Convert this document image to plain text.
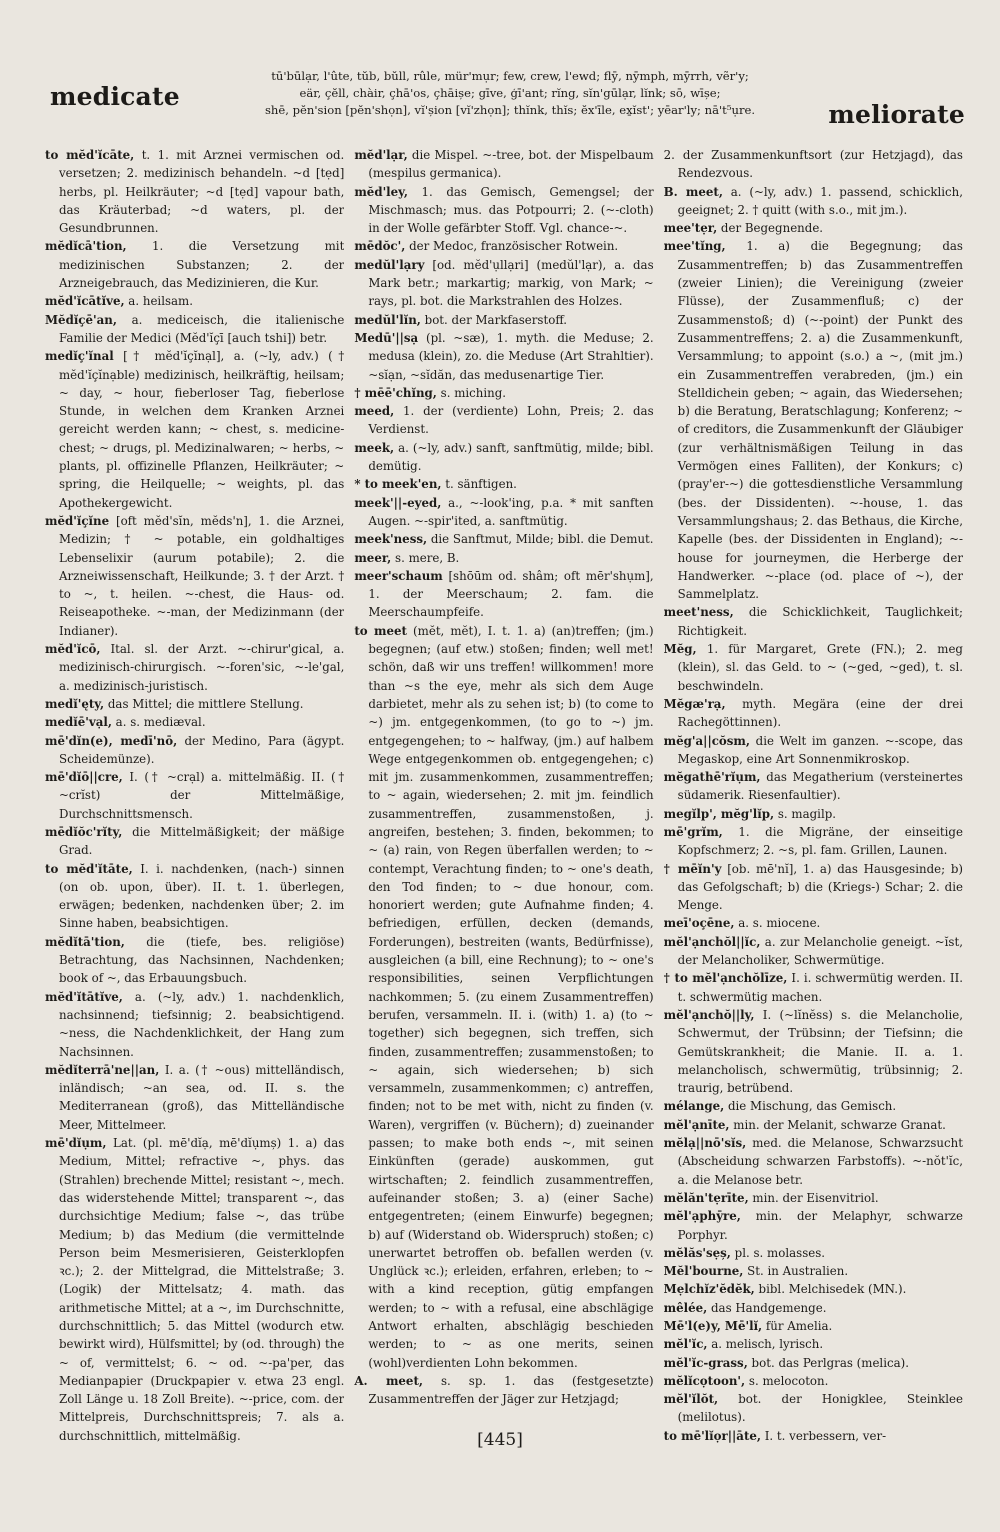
medicate
tū'būlạr, l'ûte, tŭb, bŭll, rûle, mür'mụr; few, crew, l'ewd; flȳ, nȳmph, mȳrrh, vẽr'y;
eär, çĕll, chàir, çhā'os, çhāișe; gīve, ģī'ant; rĭng, sĭn'gūlạr, lĭnk; sō, wīșe;
shē, pĕn'sion [pĕn'shọn], vĭ'șion [vĭ'zhọn]; thĭnk, thĭs; ĕx'īle, ex̱ĭst'; yēar'ly; nā't⁵ụre.	meliorate

to mĕd'ĭcāte, t. 1. mit Arznei vermischen od. versetzen; 2. medizinisch behandeln. ~d [tẹd] herbs, pl. Heilkräuter; ~d [tẹd] vapour bath, das Kräuterbad; ~d waters, pl. der Gesundbrunnen.

mĕdĭcā'tion, 1. die Versetzung mit medizinischen Substanzen; 2. der Arzneigebrauch, das Medizinieren, die Kur.

mĕd'ĭcātĭve, a. heilsam.

Mĕdĭçē'an, a. mediceisch, die italienische Familie der Medici (Mĕd'ĭçī [auch tshi]) betr.

medĭç'ĭnal [† mĕd'ĭçĭnạl], a. (~ly, adv.) († mĕd'ĭçĭnạble) medizinisch, heilkräftig, heilsam; ~ day, ~ hour, fieberloser Tag, fieberlose Stunde, in welchen dem Kranken Arznei gereicht werden kann; ~ chest, s. medicine-chest; ~ drugs, pl. Medizinalwaren; ~ herbs, ~ plants, pl. offizinelle Pflanzen, Heilkräuter; ~ spring, die Heilquelle; ~ weights, pl. das Apothekergewicht.

mĕd'ĭçĭne [oft mĕd'sĭn, mĕds'n], 1. die Arznei, Medizin; † ~ potable, ein goldhaltiges Lebenselixir (aurum potabile); 2. die Arzneiwissenschaft, Heilkunde; 3. † der Arzt. † to ~, t. heilen. ~-chest, die Haus- od. Reiseapotheke. ~-man, der Medizinmann (der Indianer).

mĕd'ĭcō, Ital. sl. der Arzt. ~-chirur'gical, a. medizinisch-chirurgisch. ~-foren'sic, ~-le'gal, a. medizinisch-juristisch.

medĭ'ęty, das Mittel; die mittlere Stellung.

medĭē'vạl, a. s. mediæval.

mē'dĭn(e), medī'nō, der Medino, Para (ägypt. Scheidemünze).

mē'dĭō||cre, I. († ~crạl) a. mittelmäßig. II. († ~crĭst) der Mittelmäßige, Durchschnittsmensch.

mēdĭŏc'rĭty, die Mittelmäßigkeit; der mäßige Grad.

to mĕd'ĭtāte, I. i. nachdenken, (nach-) sinnen (on ob. upon, über). II. t. 1. überlegen, erwägen; bedenken, nachdenken über; 2. im Sinne haben, beabsichtigen.

mĕdĭtā'tion, die (tiefe, bes. religiöse) Betrachtung, das Nachsinnen, Nachdenken; book of ~, das Erbauungsbuch.

mĕd'ĭtātĭve, a. (~ly, adv.) 1. nachdenklich, nachsinnend; tiefsinnig; 2. beabsichtigend. ~ness, die Nachdenklichkeit, der Hang zum Nachsinnen.

mĕdĭterrā'ne||an, I. a. († ~ous) mittelländisch, inländisch; ~an sea, od. II. s. the Mediterranean (groß), das Mittelländische Meer, Mittelmeer.

mē'dĭụm, Lat. (pl. mē'dĭạ, mē'dĭụmș) 1. a) das Medium, Mittel; refractive ~, phys. das (Strahlen) brechende Mittel; resistant ~, mech. das widerstehende Mittel; transparent ~, das durchsichtige Medium; false ~, das trübe Medium; b) das Medium (die vermittelnde Person beim Mesmerisieren, Geisterklopfen ꝛc.); 2. der Mittelgrad, die Mittelstraße; 3. (Logik) der Mittelsatz; 4. math. das arithmetische Mittel; at a ~, im Durchschnitte, durchschnittlich; 5. das Mittel (wodurch etw. bewirkt wird), Hülfsmittel; by (od. through) the ~ of, vermittelst; 6. ~ od. ~-pa'per, das Medianpapier (Druckpapier v. etwa 23 engl. Zoll Länge u. 18 Zoll Breite). ~-price, com. der Mittelpreis, Durchschnittspreis; 7. als a. durchschnittlich, mittelmäßig.

mĕd'lạr, die Mispel. ~-tree, bot. der Mispelbaum (mespilus germanica).

mĕd'ley, 1. das Gemisch, Gemengsel; der Mischmasch; mus. das Potpourri; 2. (~-cloth) in der Wolle gefärbter Stoff. Vgl. chance-~.

mēdŏc', der Medoc, französischer Rotwein.

medŭl'lạry [od. mĕd'ụllạri] (medŭl'lạr), a. das Mark betr.; markartig; markig, von Mark; ~ rays, pl. bot. die Markstrahlen des Holzes.

medŭl'lĭn, bot. der Markfaserstoff.

Medū'||sạ (pl. ~sæ), 1. myth. die Meduse; 2. medusa (klein), zo. die Meduse (Art Strahltier). ~sĭạn, ~sĭdăn, das medusenartige Tier.

† mēē'chĭng, s. miching.

meed, 1. der (verdiente) Lohn, Preis; 2. das Verdienst.

meek, a. (~ly, adv.) sanft, sanftmütig, milde; bibl. demütig.

* to meek'en, t. sänftigen.

meek'||-eyed, a., ~-look'ing, p.a. * mit sanften Augen. ~-spir'ited, a. sanftmütig.

meek'ness, die Sanftmut, Milde; bibl. die Demut.

meer, s. mere, B.

meer'schaum [shōūm od. shâm; oft mēr'shụm], 1. der Meerschaum; 2. fam. die Meerschaumpfeife.

to meet (mĕt, mĕt), I. t. 1. a) (an)treffen; (jm.) begegnen; (auf etw.) stoßen; finden; well met! schön, daß wir uns treffen! willkommen! more than ~s the eye, mehr als sich dem Auge darbietet, mehr als zu sehen ist; b) (to come to ~) jm. entgegenkommen, (to go to ~) jm. entgegengehen; to ~ halfway, (jm.) auf halbem Wege entgegenkommen ob. entgegengehen; c) mit jm. zusammenkommen, zusammentreffen; to ~ again, wiedersehen; 2. mit jm. feindlich zusammentreffen, zusammenstoßen, j. angreifen, bestehen; 3. finden, bekommen; to ~ (a) rain, von Regen überfallen werden; to ~ contempt, Verachtung finden; to ~ one's death, den Tod finden; to ~ due honour, com. honoriert werden; gute Aufnahme finden; 4. befriedigen, erfüllen, decken (demands, Forderungen), bestreiten (wants, Bedürfnisse), ausgleichen (a bill, eine Rechnung); to ~ one's responsibilities, seinen Verpflichtungen nachkommen; 5. (zu einem Zusammentreffen) berufen, versammeln. II. i. (with) 1. a) (to ~ together) sich begegnen, sich treffen, sich finden, zusammentreffen; zusammenstoßen; to ~ again, sich wiedersehen; b) sich versammeln, zusammenkommen; c) antreffen, finden; not to be met with, nicht zu finden (v. Waren), vergriffen (v. Büchern); d) zueinander passen; to make both ends ~, mit seinen Einkünften (gerade) auskommen, gut wirtschaften; 2. feindlich zusammentreffen, aufeinander stoßen; 3. a) (einer Sache) entgegentreten; (einem Einwurfe) begegnen; b) auf (Widerstand ob. Widerspruch) stoßen; c) unerwartet betroffen ob. befallen werden (v. Unglück ꝛc.); erleiden, erfahren, erleben; to ~ with a kind reception, gütig empfangen werden; to ~ with a refusal, eine abschlägige Antwort erhalten, abschlägig beschieden werden; to ~ as one merits, seinen (wohl)verdienten Lohn bekommen.

A. meet, s. sp. 1. das (festgesetzte) Zusammentreffen der Jäger zur Hetzjagd;

2. der Zusammenkunftsort (zur Hetzjagd), das Rendezvous.

B. meet, a. (~ly, adv.) 1. passend, schicklich, geeignet; 2. † quitt (with s.o., mit jm.).

mee'tẹr, der Begegnende.

mee'tĭng, 1. a) die Begegnung; das Zusammentreffen; b) das Zusammentreffen (zweier Linien); die Vereinigung (zweier Flüsse), der Zusammenfluß; c) der Zusammenstoß; d) (~-point) der Punkt des Zusammentreffens; 2. a) die Zusammenkunft, Versammlung; to appoint (s.o.) a ~, (mit jm.) ein Zusammentreffen verabreden, (jm.) ein Stelldichein geben; ~ again, das Wiedersehen; b) die Beratung, Beratschlagung; Konferenz; ~ of creditors, die Zusammenkunft der Gläubiger (zur verhältnismäßigen Teilung in das Vermögen eines Falliten), der Konkurs; c) (pray'er-~) die gottesdienstliche Versammlung (bes. der Dissidenten). ~-house, 1. das Versammlungshaus; 2. das Bethaus, die Kirche, Kapelle (bes. der Dissidenten in England); ~-house for journeymen, die Herberge der Handwerker. ~-place (od. place of ~), der Sammelplatz.

meet'ness, die Schicklichkeit, Tauglichkeit; Richtigkeit.

Mĕg, 1. für Margaret, Grete (FN.); 2. meg (klein), sl. das Geld. to ~ (~ged, ~ged), t. sl. beschwindeln.

Mĕgæ'rạ, myth. Megära (eine der drei Rachegöttinnen).

mĕg'a||cŏsm, die Welt im ganzen. ~-scope, das Megaskop, eine Art Sonnenmikroskop.

mĕgathē'rĭụm, das Megatherium (versteinertes südamerik. Riesenfaultier).

megĭlp', mĕg'lĭp, s. magilp.

mē'grĭm, 1. die Migräne, der einseitige Kopfschmerz; 2. ~s, pl. fam. Grillen, Launen.

† mēĭn'y [ob. mē'nĭ], 1. a) das Hausgesinde; b) das Gefolgschaft; b) die (Kriegs-) Schar; 2. die Menge.

meī'oçēne, a. s. miocene.

mĕl'ạnchŏl||ĭc, a. zur Melancholie geneigt. ~ĭst, der Melancholiker, Schwermütige.

† to mĕl'ạnchŏlīze, I. i. schwermütig werden. II. t. schwermütig machen.

mĕl'ạnchŏ||ly, I. (~lĭnĕss) s. die Melancholie, Schwermut, der Trübsinn; der Tiefsinn; die Gemütskrankheit; die Manie. II. a. 1. melancholisch, schwermütig, trübsinnig; 2. traurig, betrübend.

mélange, die Mischung, das Gemisch.

mĕl'ạnīte, min. der Melanit, schwarze Granat.

mĕlạ||nō'sĭs, med. die Melanose, Schwarzsucht (Abscheidung schwarzen Farbstoffs). ~-nŏt'ĭc, a. die Melanose betr.

mĕlăn'tẹrīte, min. der Eisenvitriol.

mĕl'ạphȳre, min. der Melaphyr, schwarze Porphyr.

mĕlăs'sẹș, pl. s. molasses.

Mĕl'bourne, St. in Australien.

Mẹlchĭz'ĕdĕk, bibl. Melchisedek (MN.).

mêlée, das Handgemenge.

Mē'l(e)y, Mē'lĭ, für Amelia.

mĕl'ĭc, a. melisch, lyrisch.

mĕl'ĭc-grass, bot. das Perlgras (melica).

mĕlĭcọtoon', s. melocoton.

mĕl'ĭlŏt, bot. der Honigklee, Steinklee (melilotus).

to mē'lĭọr||āte, I. t. verbessern, ver-

[445]
